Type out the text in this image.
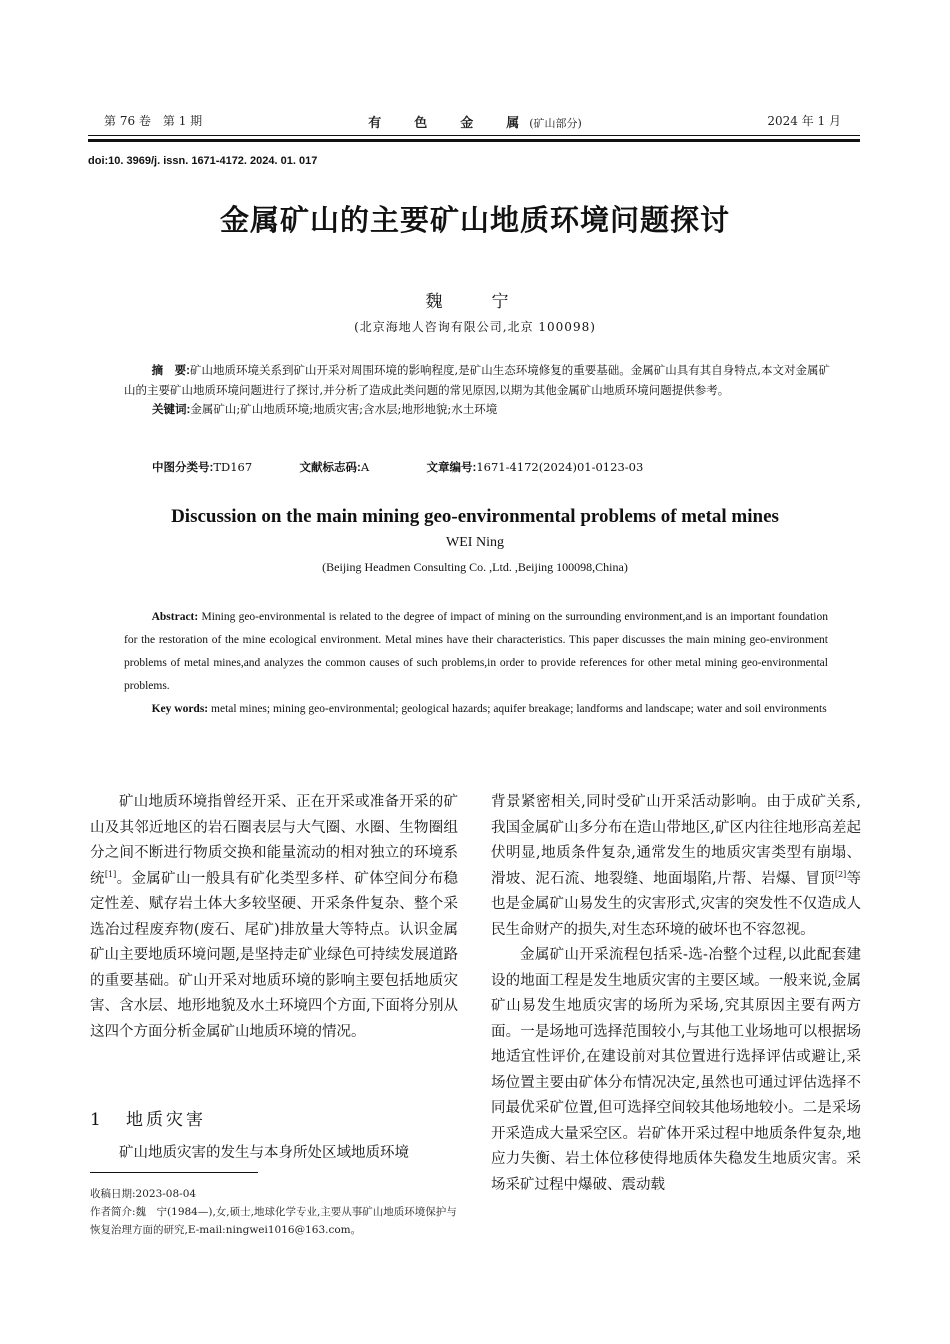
第 76 卷　第 1 期	有　色　金　属(矿山部分)	2024 年 1 月
doi:10. 3969/j. issn. 1671-4172. 2024. 01. 017
金属矿山的主要矿山地质环境问题探讨
魏　宁
(北京海地人咨询有限公司,北京 100098)
摘　要:矿山地质环境关系到矿山开采对周围环境的影响程度,是矿山生态环境修复的重要基础。金属矿山具有其自身特点,本文对金属矿山的主要矿山地质环境问题进行了探讨,并分析了造成此类问题的常见原因,以期为其他金属矿山地质环境问题提供参考。
关键词:金属矿山;矿山地质环境;地质灾害;含水层;地形地貌;水土环境
中图分类号:TD167	文献标志码:A	文章编号:1671-4172(2024)01-0123-03
Discussion on the main mining geo-environmental problems of metal mines
WEI Ning
(Beijing Headmen Consulting Co. ,Ltd. ,Beijing 100098,China)
Abstract: Mining geo-environmental is related to the degree of impact of mining on the surrounding environment,and is an important foundation for the restoration of the mine ecological environment. Metal mines have their characteristics. This paper discusses the main mining geo-environment problems of metal mines,and analyzes the common causes of such problems,in order to provide references for other metal mining geo-environmental problems.
Key words: metal mines; mining geo-environmental; geological hazards; aquifer breakage; landforms and landscape; water and soil environments

矿山地质环境指曾经开采、正在开采或准备开采的矿山及其邻近地区的岩石圈表层与大气圈、水圈、生物圈组分之间不断进行物质交换和能量流动的相对独立的环境系统[1]。金属矿山一般具有矿化类型多样、矿体空间分布稳定性差、赋存岩土体大多较坚硬、开采条件复杂、整个采选冶过程废弃物(废石、尾矿)排放量大等特点。认识金属矿山主要地质环境问题,是坚持走矿业绿色可持续发展道路的重要基础。矿山开采对地质环境的影响主要包括地质灾害、含水层、地形地貌及水土环境四个方面,下面将分别从这四个方面分析金属矿山地质环境的情况。

1 地质灾害
矿山地质灾害的发生与本身所处区域地质环境

收稿日期:2023-08-04

作者简介:魏　宁(1984—),女,硕士,地球化学专业,主要从事矿山地质环境保护与恢复治理方面的研究,E-mail:ningwei1016@163.com。

背景紧密相关,同时受矿山开采活动影响。由于成矿关系,我国金属矿山多分布在造山带地区,矿区内往往地形高差起伏明显,地质条件复杂,通常发生的地质灾害类型有崩塌、滑坡、泥石流、地裂缝、地面塌陷,片帮、岩爆、冒顶[2]等也是金属矿山易发生的灾害形式,灾害的突发性不仅造成人民生命财产的损失,对生态环境的破坏也不容忽视。

金属矿山开采流程包括采-选-冶整个过程,以此配套建设的地面工程是发生地质灾害的主要区域。一般来说,金属矿山易发生地质灾害的场所为采场,究其原因主要有两方面。一是场地可选择范围较小,与其他工业场地可以根据场地适宜性评价,在建设前对其位置进行选择评估或避让,采场位置主要由矿体分布情况决定,虽然也可通过评估选择不同最优采矿位置,但可选择空间较其他场地较小。二是采场开采造成大量采空区。岩矿体开采过程中地质条件复杂,地应力失衡、岩土体位移使得地质体失稳发生地质灾害。采场采矿过程中爆破、震动载
